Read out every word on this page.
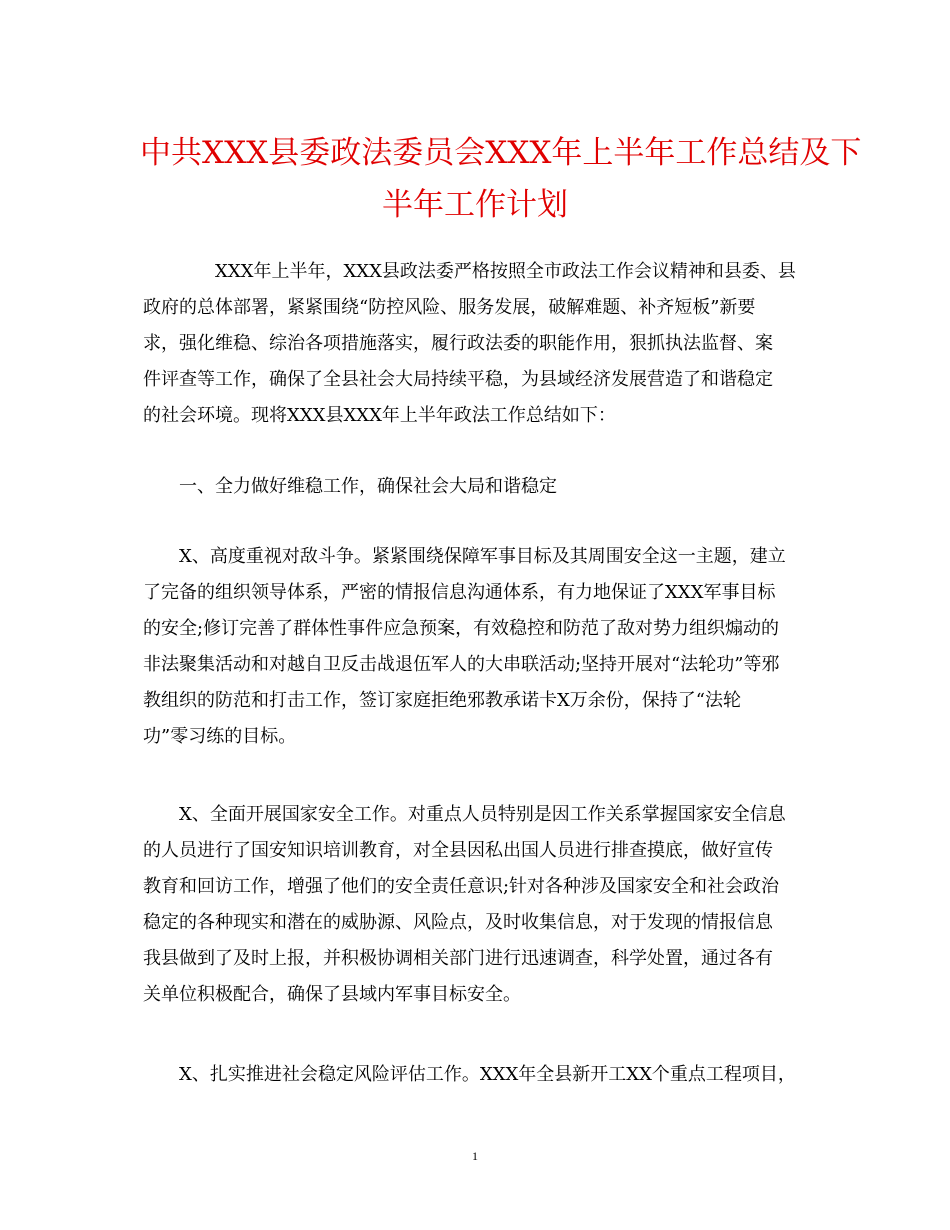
中共XXX县委政法委员会XXX年上半年工作总结及下
半年工作计划
XXX年上半年，XXX县政法委严格按照全市政法工作会议精神和县委、县
政府的总体部署，紧紧围绕“防控风险、服务发展，破解难题、补齐短板”新要
求，强化维稳、综治各项措施落实，履行政法委的职能作用，狠抓执法监督、案
件评查等工作，确保了全县社会大局持续平稳，为县域经济发展营造了和谐稳定
的社会环境。现将XXX县XXX年上半年政法工作总结如下：
一、全力做好维稳工作，确保社会大局和谐稳定
X、高度重视对敌斗争。紧紧围绕保障军事目标及其周围安全这一主题，建立
了完备的组织领导体系，严密的情报信息沟通体系，有力地保证了XXX军事目标
的安全;修订完善了群体性事件应急预案，有效稳控和防范了敌对势力组织煽动的
非法聚集活动和对越自卫反击战退伍军人的大串联活动;坚持开展对“法轮功”等邪
教组织的防范和打击工作，签订家庭拒绝邪教承诺卡X万余份，保持了“法轮
功”零习练的目标。
X、全面开展国家安全工作。对重点人员特别是因工作关系掌握国家安全信息
的人员进行了国安知识培训教育，对全县因私出国人员进行排查摸底，做好宣传
教育和回访工作，增强了他们的安全责任意识;针对各种涉及国家安全和社会政治
稳定的各种现实和潜在的威胁源、风险点，及时收集信息，对于发现的情报信息
我县做到了及时上报，并积极协调相关部门进行迅速调查，科学处置，通过各有
关单位积极配合，确保了县域内军事目标安全。
X、扎实推进社会稳定风险评估工作。XXX年全县新开工XX个重点工程项目，
1
